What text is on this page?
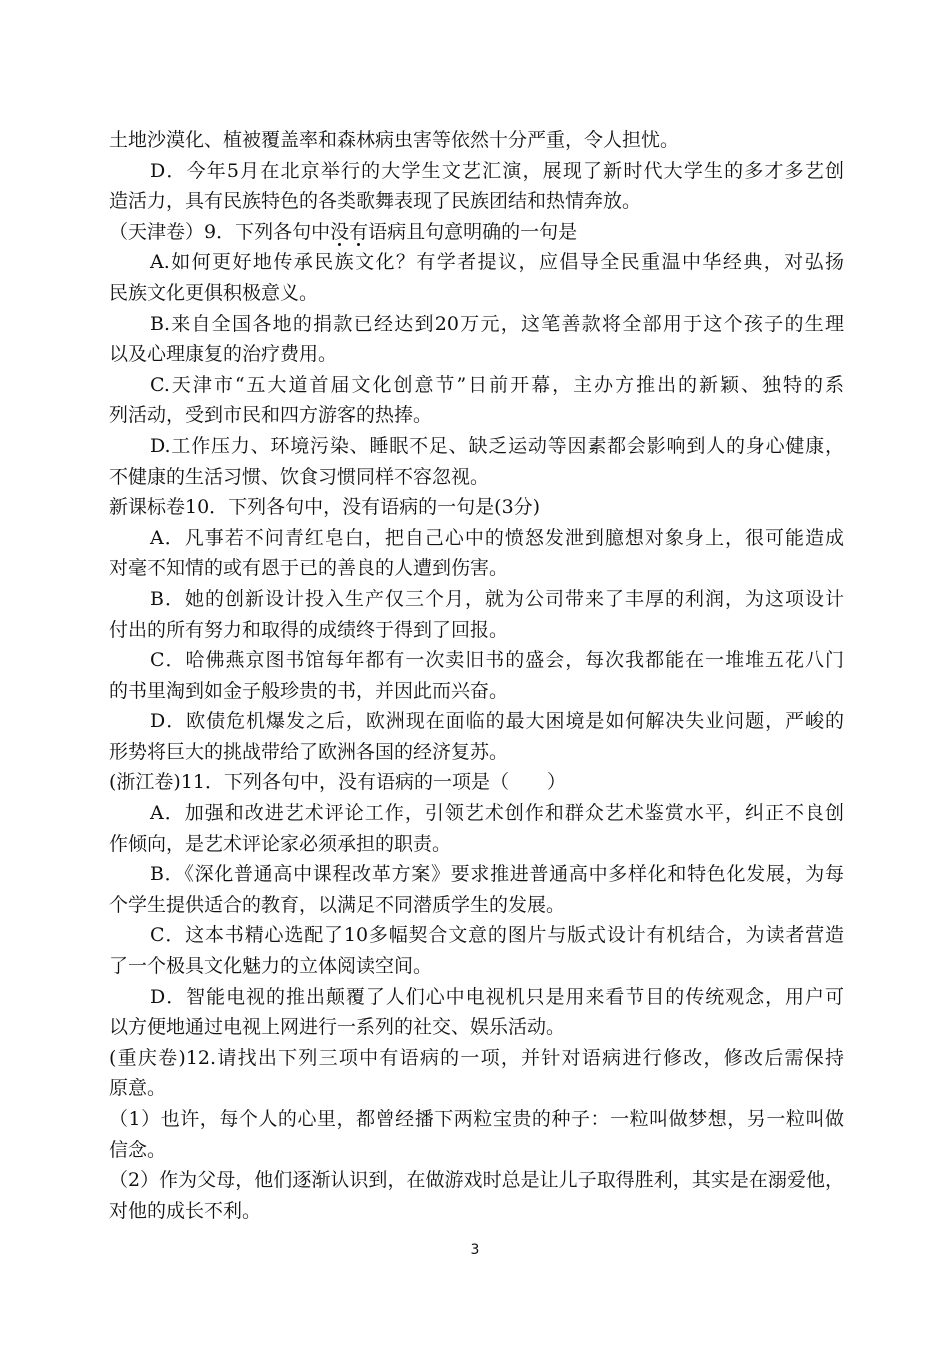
土地沙漠化、植被覆盖率和森林病虫害等依然十分严重，令人担忧。
D．今年5月在北京举行的大学生文艺汇演，展现了新时代大学生的多才多艺创
造活力，具有民族特色的各类歌舞表现了民族团结和热情奔放。
（天津卷）9．下列各句中没有语病且句意明确的一句是
A.如何更好地传承民族文化？有学者提议，应倡导全民重温中华经典，对弘扬
民族文化更俱积极意义。
B.来自全国各地的捐款已经达到20万元，这笔善款将全部用于这个孩子的生理
以及心理康复的治疗费用。
C.天津市“五大道首届文化创意节”日前开幕，主办方推出的新颖、独特的系
列活动，受到市民和四方游客的热捧。
D.工作压力、环境污染、睡眠不足、缺乏运动等因素都会影响到人的身心健康，
不健康的生活习惯、饮食习惯同样不容忽视。
新课标卷10．下列各句中，没有语病的一句是(3分)
A．凡事若不问青红皂白，把自己心中的愤怒发泄到臆想对象身上，很可能造成
对毫不知情的或有恩于已的善良的人遭到伤害。
B．她的创新设计投入生产仅三个月，就为公司带来了丰厚的利润，为这项设计
付出的所有努力和取得的成绩终于得到了回报。
C．哈佛燕京图书馆每年都有一次卖旧书的盛会，每次我都能在一堆堆五花八门
的书里淘到如金子般珍贵的书，并因此而兴奋。
D．欧债危机爆发之后，欧洲现在面临的最大困境是如何解决失业问题，严峻的
形势将巨大的挑战带给了欧洲各国的经济复苏。
(浙江卷)11．下列各句中，没有语病的一项是（　　）
A．加强和改进艺术评论工作，引领艺术创作和群众艺术鉴赏水平，纠正不良创
作倾向，是艺术评论家必须承担的职责。
B．《深化普通高中课程改革方案》要求推进普通高中多样化和特色化发展，为每
个学生提供适合的教育，以满足不同潜质学生的发展。
C．这本书精心选配了10多幅契合文意的图片与版式设计有机结合，为读者营造
了一个极具文化魅力的立体阅读空间。
D．智能电视的推出颠覆了人们心中电视机只是用来看节目的传统观念，用户可
以方便地通过电视上网进行一系列的社交、娱乐活动。
(重庆卷)12.请找出下列三项中有语病的一项，并针对语病进行修改，修改后需保持
原意。
（1）也许，每个人的心里，都曾经播下两粒宝贵的种子：一粒叫做梦想，另一粒叫做
信念。
（2）作为父母，他们逐渐认识到，在做游戏时总是让儿子取得胜利，其实是在溺爱他，
对他的成长不利。
3
